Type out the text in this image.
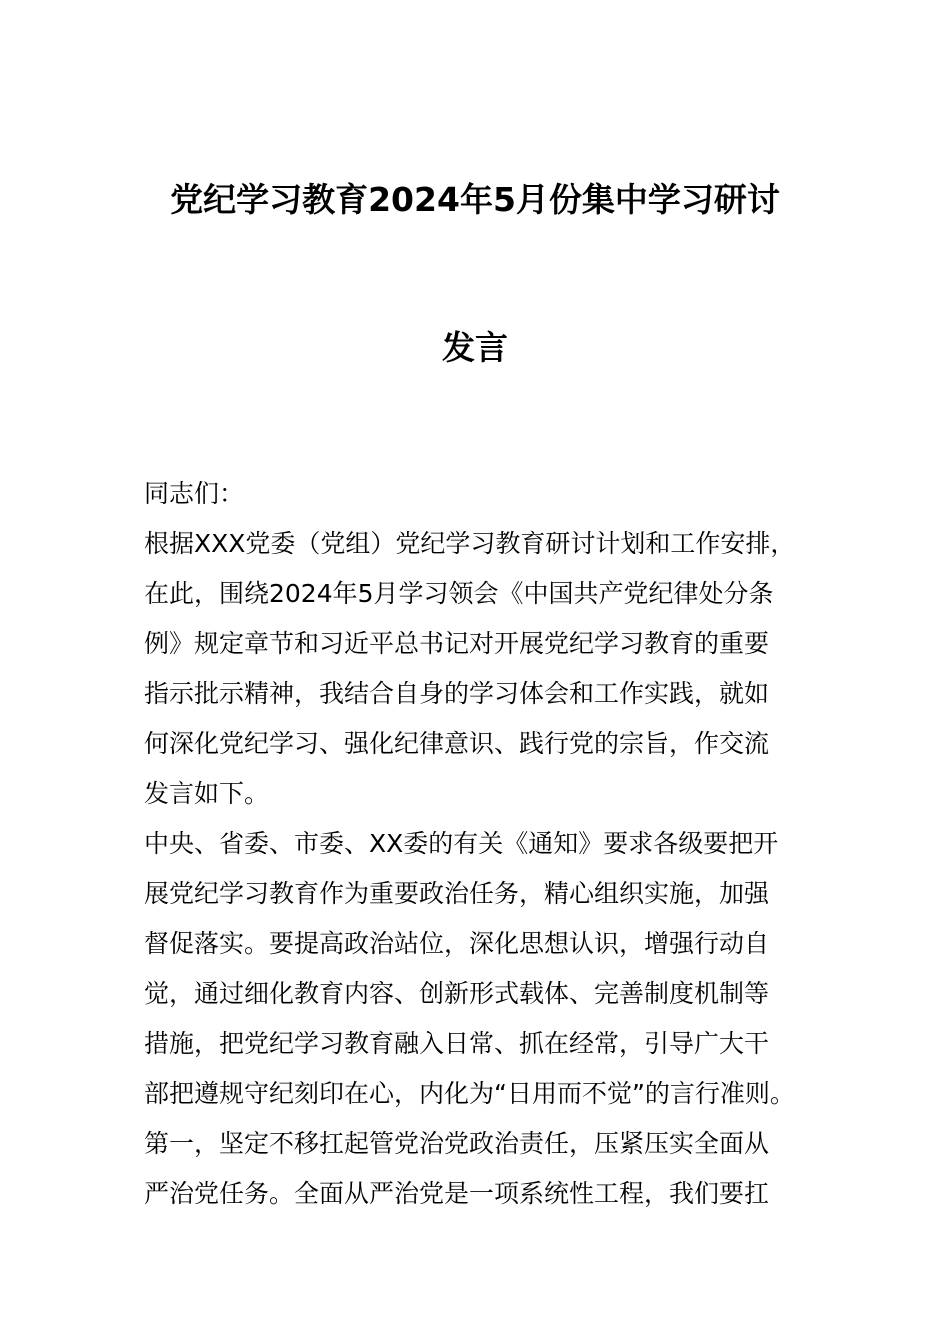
党纪学习教育2024年5月份集中学习研讨
发言
同志们：
根据XXX党委（党组）党纪学习教育研讨计划和工作安排，
在此，围绕2024年5月学习领会《中国共产党纪律处分条
例》规定章节和习近平总书记对开展党纪学习教育的重要
指示批示精神，我结合自身的学习体会和工作实践，就如
何深化党纪学习、强化纪律意识、践行党的宗旨，作交流
发言如下。
中央、省委、市委、XX委的有关《通知》要求各级要把开
展党纪学习教育作为重要政治任务，精心组织实施，加强
督促落实。要提高政治站位，深化思想认识，增强行动自
觉，通过细化教育内容、创新形式载体、完善制度机制等
措施，把党纪学习教育融入日常、抓在经常，引导广大干
部把遵规守纪刻印在心，内化为“日用而不觉”的言行准则。
第一，坚定不移扛起管党治党政治责任，压紧压实全面从
严治党任务。全面从严治党是一项系统性工程，我们要扛
